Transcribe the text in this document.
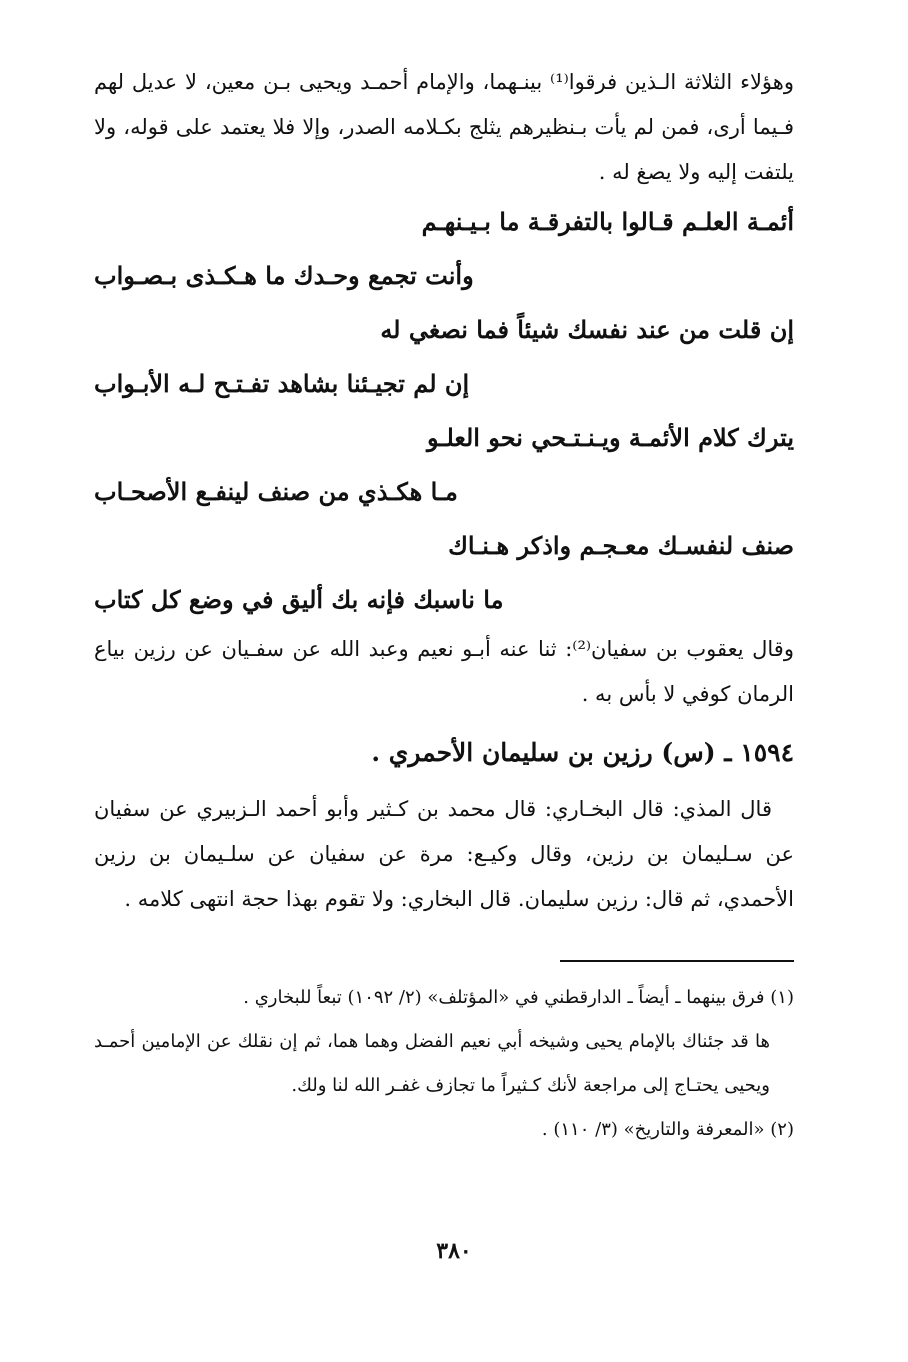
وهؤلاء الثلاثة الـذين فرقوا⁽¹⁾ بينـهما، والإمام أحمـد ويحيى بـن معين، لا عديل لهم فـيما أرى، فمن لم يأت بـنظيرهم يثلج بكـلامه الصدر، وإلا فلا يعتمد على قوله، ولا يلتفت إليه ولا يصغ له .

أئمـة العلـم قـالوا بالتفرقـة ما بـيـنهـم
وأنت تجمع وحـدك ما هـكـذى بـصـواب
إن قلت من عند نفسك شيئاً فما نصغي له
إن لم تجيـئنا بشاهد تفـتـح لـه الأبـواب
يترك كلام الأئمـة ويـنـتـحي نحو العلـو
مـا هكـذي من صنف لينفـع الأصحـاب
صنف لنفسـك معـجـم واذكر هـنـاك
ما ناسبك فإنه بك أليق في وضع كل كتاب

وقال يعقوب بن سفيان⁽²⁾: ثنا عنه أبـو نعيم وعبد الله عن سفـيان عن رزين بياع الرمان كوفي لا بأس به .

١٥٩٤ ـ (س) رزين بن سليمان الأحمري .

قال المذي: قال البخـاري: قال محمد بن كـثير وأبو أحمد الـزبيري عن سفيان عن سـليمان بن رزين، وقال وكيـع: مرة عن سفيان عن سلـيمان بن رزين الأحمدي، ثم قال: رزين سليمان. قال البخاري: ولا تقوم بهذا حجة انتهى كلامه .

(١) فرق بينهما ـ أيضاً ـ الدارقطني في «المؤتلف» (٢/ ١٠٩٢) تبعاً للبخاري .

ها قد جئناك بالإمام يحيى وشيخه أبي نعيم الفضل وهما هما، ثم إن نقلك عن الإمامين أحمـد ويحيى يحتـاج إلى مراجعة لأنك كـثيراً ما تجازف غفـر الله لنا ولك.

(٢) «المعرفة والتاريخ» (٣/ ١١٠) .

٣٨٠
